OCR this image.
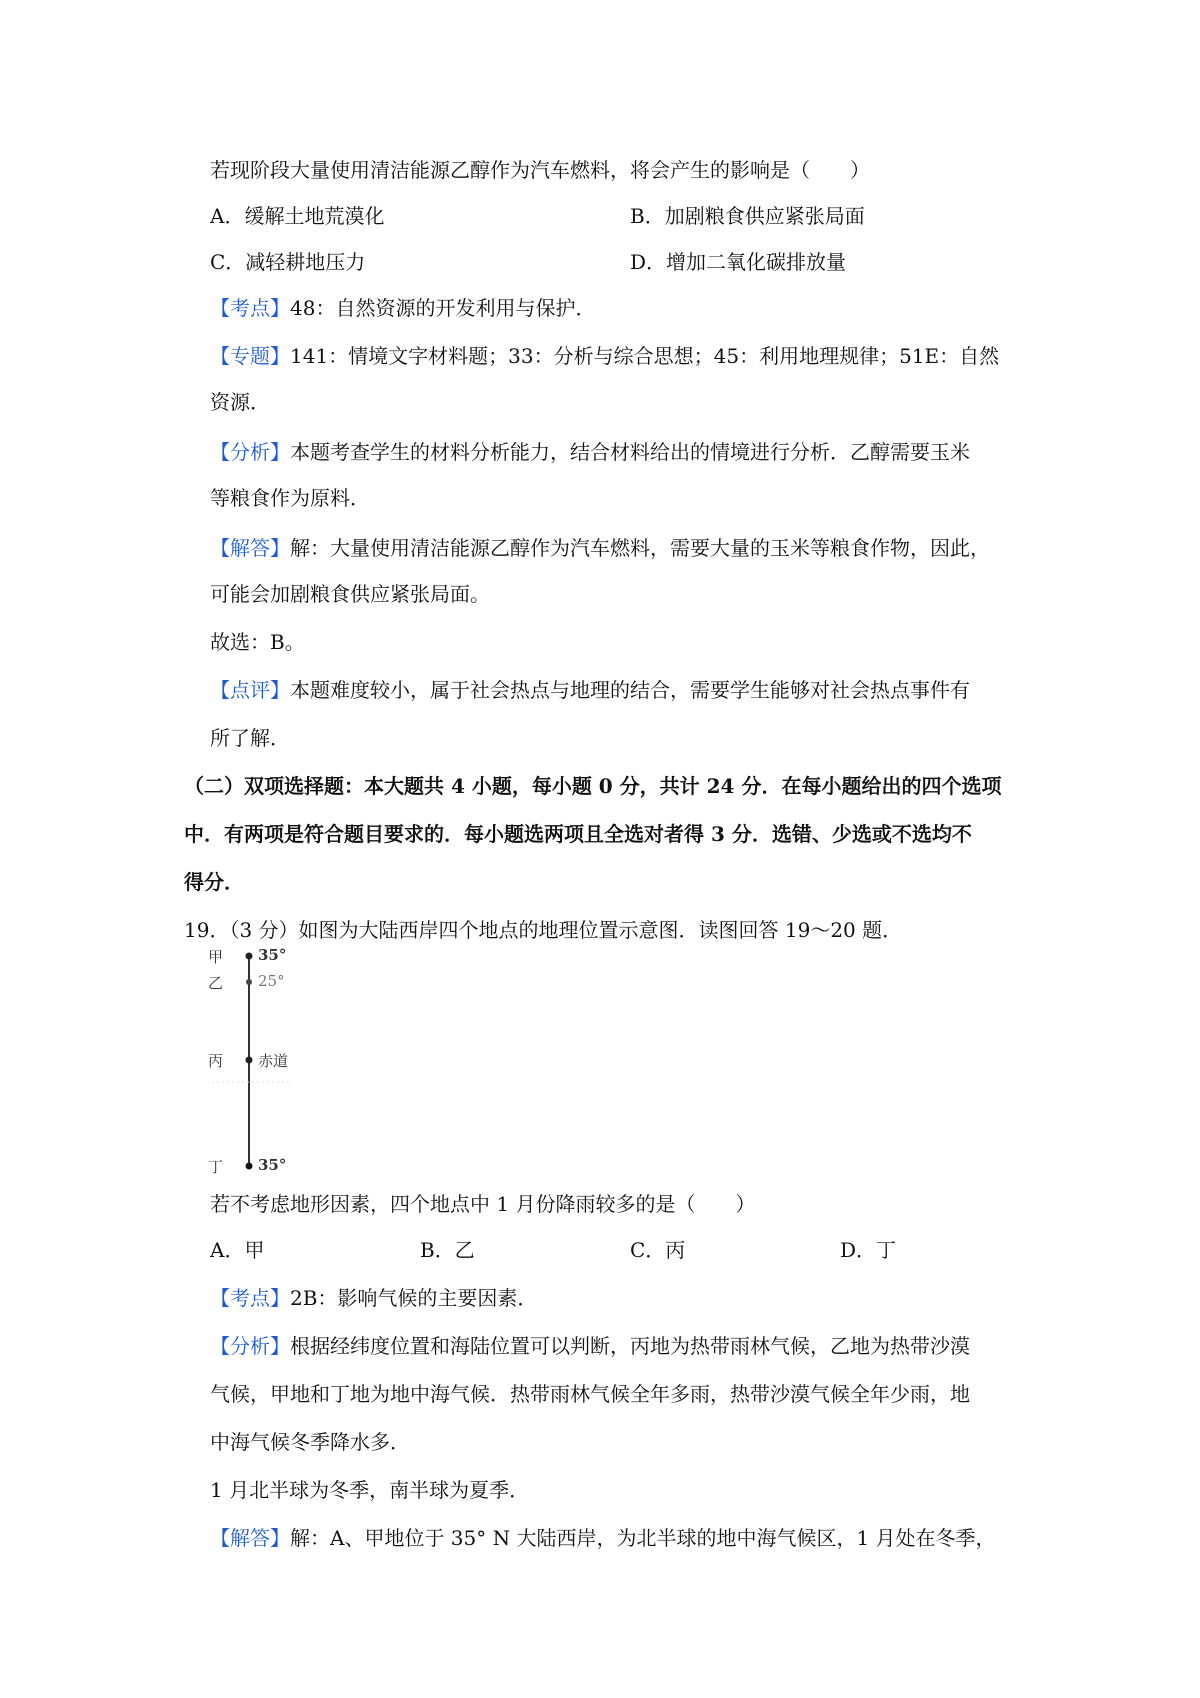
若现阶段大量使用清洁能源乙醇作为汽车燃料，将会产生的影响是（　　）
A．缓解土地荒漠化	B．加剧粮食供应紧张局面
C．减轻耕地压力	D．增加二氧化碳排放量
【考点】48：自然资源的开发利用与保护．
【专题】141：情境文字材料题；33：分析与综合思想；45：利用地理规律；51E：自然
资源．
【分析】本题考查学生的材料分析能力，结合材料给出的情境进行分析．乙醇需要玉米
等粮食作为原料．
【解答】解：大量使用清洁能源乙醇作为汽车燃料，需要大量的玉米等粮食作物，因此，
可能会加剧粮食供应紧张局面。
故选：B。
【点评】本题难度较小，属于社会热点与地理的结合，需要学生能够对社会热点事件有
所了解．
（二）双项选择题：本大题共 4 小题，每小题 0 分，共计 24 分．在每小题给出的四个选项
中．有两项是符合题目要求的．每小题选两项且全选对者得 3 分．选错、少选或不选均不
得分．
19．（3 分）如图为大陆西岸四个地点的地理位置示意图．读图回答 19～20 题．
甲 35°
乙 25°
丙 赤道
丁 35°
若不考虑地形因素，四个地点中 1 月份降雨较多的是（　　）
A．甲	B．乙	C．丙	D．丁
【考点】2B：影响气候的主要因素．
【分析】根据经纬度位置和海陆位置可以判断，丙地为热带雨林气候，乙地为热带沙漠
气候，甲地和丁地为地中海气候．热带雨林气候全年多雨，热带沙漠气候全年少雨，地
中海气候冬季降水多．
1 月北半球为冬季，南半球为夏季．
【解答】解：A、甲地位于 35° N 大陆西岸，为北半球的地中海气候区，1 月处在冬季，
